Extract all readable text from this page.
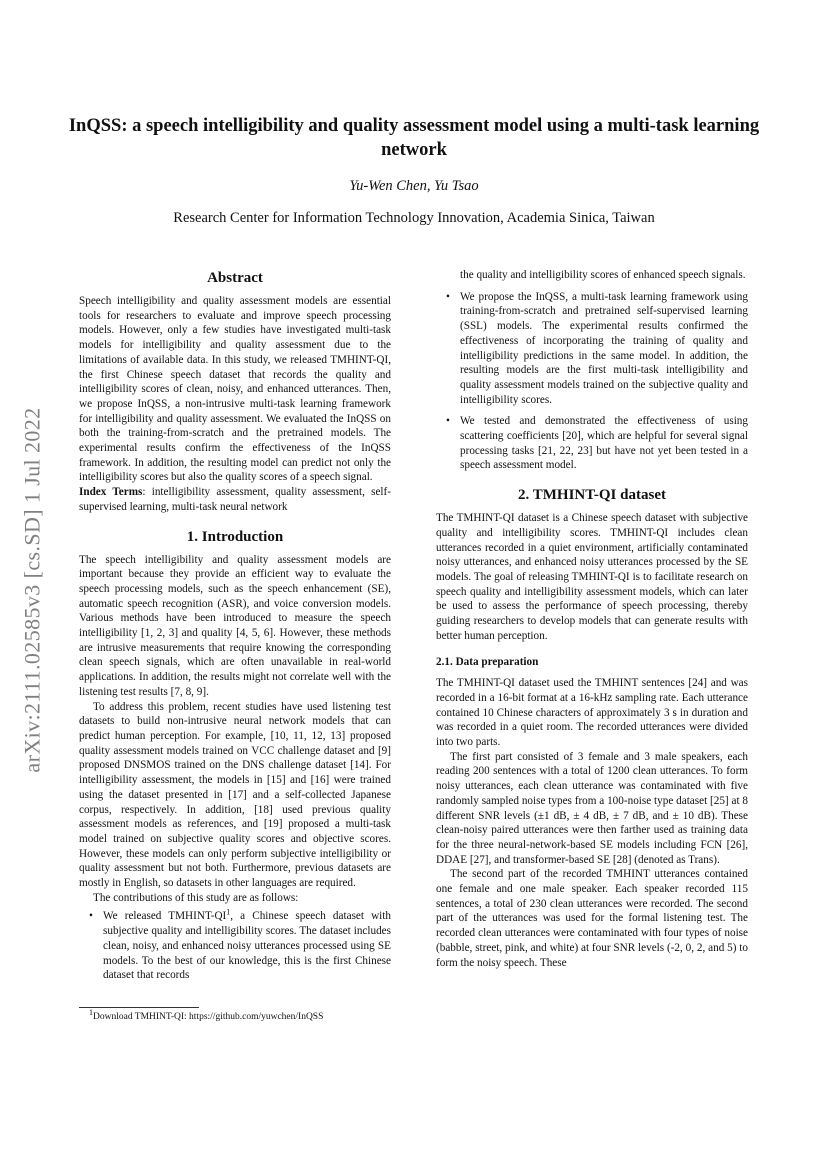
arXiv:2111.02585v3 [cs.SD] 1 Jul 2022
InQSS: a speech intelligibility and quality assessment model using a multi-task learning network
Yu-Wen Chen, Yu Tsao
Research Center for Information Technology Innovation, Academia Sinica, Taiwan
Abstract

Speech intelligibility and quality assessment models are essential tools for researchers to evaluate and improve speech processing models. However, only a few studies have investigated multi-task models for intelligibility and quality assessment due to the limitations of available data. In this study, we released TMHINT-QI, the first Chinese speech dataset that records the quality and intelligibility scores of clean, noisy, and enhanced utterances. Then, we propose InQSS, a non-intrusive multi-task learning framework for intelligibility and quality assessment. We evaluated the InQSS on both the training-from-scratch and the pretrained models. The experimental results confirm the effectiveness of the InQSS framework. In addition, the resulting model can predict not only the intelligibility scores but also the quality scores of a speech signal.

Index Terms: intelligibility assessment, quality assessment, self-supervised learning, multi-task neural network

1. Introduction

The speech intelligibility and quality assessment models are important because they provide an efficient way to evaluate the speech processing models, such as the speech enhancement (SE), automatic speech recognition (ASR), and voice conversion models. Various methods have been introduced to measure the speech intelligibility [1, 2, 3] and quality [4, 5, 6]. However, these methods are intrusive measurements that require knowing the corresponding clean speech signals, which are often unavailable in real-world applications. In addition, the results might not correlate well with the listening test results [7, 8, 9].

To address this problem, recent studies have used listening test datasets to build non-intrusive neural network models that can predict human perception. For example, [10, 11, 12, 13] proposed quality assessment models trained on VCC challenge dataset and [9] proposed DNSMOS trained on the DNS challenge dataset [14]. For intelligibility assessment, the models in [15] and [16] were trained using the dataset presented in [17] and a self-collected Japanese corpus, respectively. In addition, [18] used previous quality assessment models as references, and [19] proposed a multi-task model trained on subjective quality scores and objective scores. However, these models can only perform subjective intelligibility or quality assessment but not both. Furthermore, previous datasets are mostly in English, so datasets in other languages are required.

The contributions of this study are as follows:

• We released TMHINT-$QI^1$, a Chinese speech dataset with subjective quality and intelligibility scores. The dataset includes clean, noisy, and enhanced noisy utterances processed using SE models. To the best of our knowledge, this is the first Chinese dataset that records

$^1$Download TMHINT-QI: https://github.com/yuwchen/InQSS

the quality and intelligibility scores of enhanced speech signals.

• We propose the InQSS, a multi-task learning framework using training-from-scratch and pretrained self-supervised learning (SSL) models. The experimental results confirmed the effectiveness of incorporating the training of quality and intelligibility predictions in the same model. In addition, the resulting models are the first multi-task intelligibility and quality assessment models trained on the subjective quality and intelligibility scores.
• We tested and demonstrated the effectiveness of using scattering coefficients [20], which are helpful for several signal processing tasks [21, 22, 23] but have not yet been tested in a speech assessment model.
2. TMHINT-QI dataset

The TMHINT-QI dataset is a Chinese speech dataset with subjective quality and intelligibility scores. TMHINT-QI includes clean utterances recorded in a quiet environment, artificially contaminated noisy utterances, and enhanced noisy utterances processed by the SE models. The goal of releasing TMHINT-QI is to facilitate research on speech quality and intelligibility assessment models, which can later be used to assess the performance of speech processing, thereby guiding researchers to develop models that can generate results with better human perception.

2.1. Data preparation

The TMHINT-QI dataset used the TMHINT sentences [24] and was recorded in a 16-bit format at a 16-kHz sampling rate. Each utterance contained 10 Chinese characters of approximately 3 s in duration and was recorded in a quiet room. The recorded utterances were divided into two parts.

The first part consisted of 3 female and 3 male speakers, each reading 200 sentences with a total of 1200 clean utterances. To form noisy utterances, each clean utterance was contaminated with five randomly sampled noise types from a 100-noise type dataset [25] at 8 different SNR levels (±1 dB, ± 4 dB, ± 7 dB, and ± 10 dB). These clean-noisy paired utterances were then farther used as training data for the three neural-network-based SE models including FCN [26], DDAE [27], and transformer-based SE [28] (denoted as Trans).

The second part of the recorded TMHINT utterances contained one female and one male speaker. Each speaker recorded 115 sentences, a total of 230 clean utterances were recorded. The second part of the utterances was used for the formal listening test. The recorded clean utterances were contaminated with four types of noise (babble, street, pink, and white) at four SNR levels (-2, 0, 2, and 5) to form the noisy speech. These
